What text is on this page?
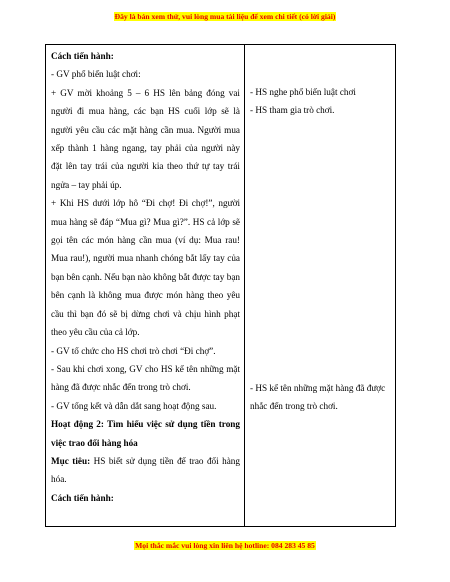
Đây là bản xem thử, vui lòng mua tài liệu để xem chi tiết (có lời giải)

Cách tiến hành:

- GV phổ biến luật chơi:

+ GV mời khoảng 5 – 6 HS lên bảng đóng vai người đi mua hàng, các bạn HS cuối lớp sẽ là người yêu cầu các mặt hàng cần mua. Người mua xếp thành 1 hàng ngang, tay phải của người này đặt lên tay trái của người kia theo thứ tự tay trái ngửa – tay phải úp.

+ Khi HS dưới lớp hô “Đi chợ! Đi chợ!”, người mua hàng sẽ đáp “Mua gì? Mua gì?”. HS cả lớp sẽ gọi tên các món hàng cần mua (ví dụ: Mua rau! Mua rau!), người mua nhanh chóng bắt lấy tay của bạn bên cạnh. Nếu bạn nào không bắt được tay bạn bên cạnh là không mua được món hàng theo yêu cầu thì bạn đó sẽ bị dừng chơi và chịu hình phạt theo yêu cầu của cả lớp.

- GV tổ chức cho HS chơi trò chơi “Đi chợ”.

- Sau khi chơi xong, GV cho HS kể tên những mặt hàng đã được nhắc đến trong trò chơi.

- GV tổng kết và dẫn dắt sang hoạt động sau.

Hoạt động 2: Tìm hiểu việc sử dụng tiền trong việc trao đổi hàng hóa

Mục tiêu: HS biết sử dụng tiền để trao đổi hàng hóa.

Cách tiến hành:

- HS nghe phổ biến luật chơi

- HS tham gia trò chơi.

- HS kể tên những mặt hàng đã được nhắc đến trong trò chơi.

Mọi thắc mắc vui lòng xin liên hệ hotline: 084 283 45 85
